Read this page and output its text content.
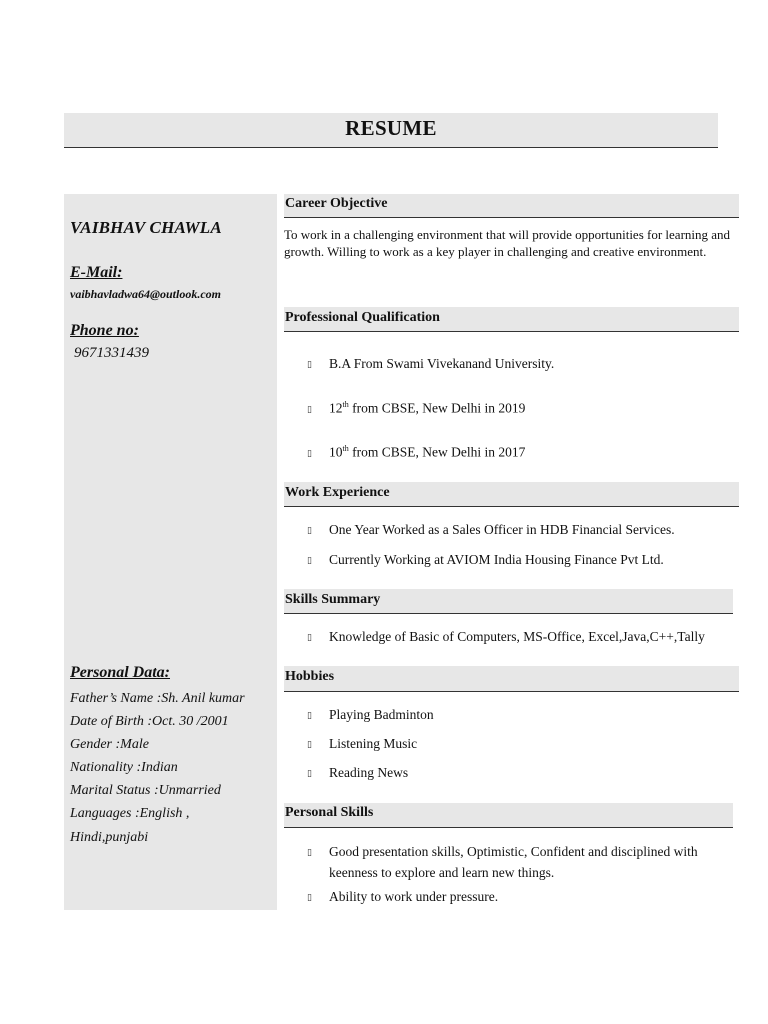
RESUME
VAIBHAV CHAWLA
E-Mail:
vaibhavladwa64@outlook.com
Phone no:
9671331439
Personal Data:
Father’s Name :Sh. Anil kumar
Date of Birth :Oct. 30 /2001
Gender :Male
Nationality :Indian
Marital Status :Unmarried
Languages :English ,
Hindi,punjabi
Career Objective
To work in a challenging environment that will provide opportunities for learning and growth. Willing to work as a key player in challenging and creative environment.
Professional Qualification
▯ B.A From Swami Vivekanand University.
▯ 12th from CBSE, New Delhi in 2019
▯ 10th from CBSE, New Delhi in 2017
Work Experience
▯ One Year Worked as a Sales Officer in HDB Financial Services.
▯ Currently Working at AVIOM India Housing Finance Pvt Ltd.
Skills Summary
▯ Knowledge of Basic of Computers, MS-Office, Excel,Java,C++,Tally
Hobbies
▯ Playing Badminton
▯ Listening Music
▯ Reading News
Personal Skills
▯ Good presentation skills, Optimistic, Confident and disciplined with keenness to explore and learn new things.
▯ Ability to work under pressure.
